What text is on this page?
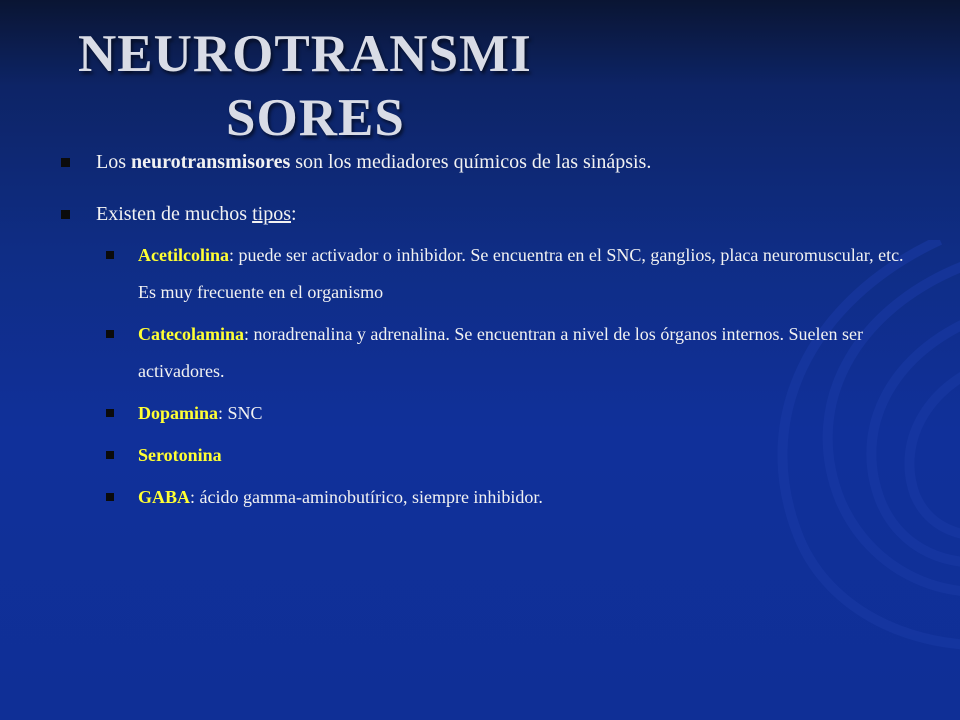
NEUROTRANSMI
SORES
Los neurotransmisores son los mediadores químicos de las sinápsis.
Existen de muchos tipos:
Acetilcolina: puede ser activador o inhibidor. Se encuentra en el SNC, ganglios, placa neuromuscular, etc. Es muy frecuente en el organismo
Catecolamina: noradrenalina y adrenalina. Se encuentran a nivel de los órganos internos. Suelen ser activadores.
Dopamina: SNC
Serotonina
GABA: ácido gamma-aminobutírico, siempre inhibidor.
